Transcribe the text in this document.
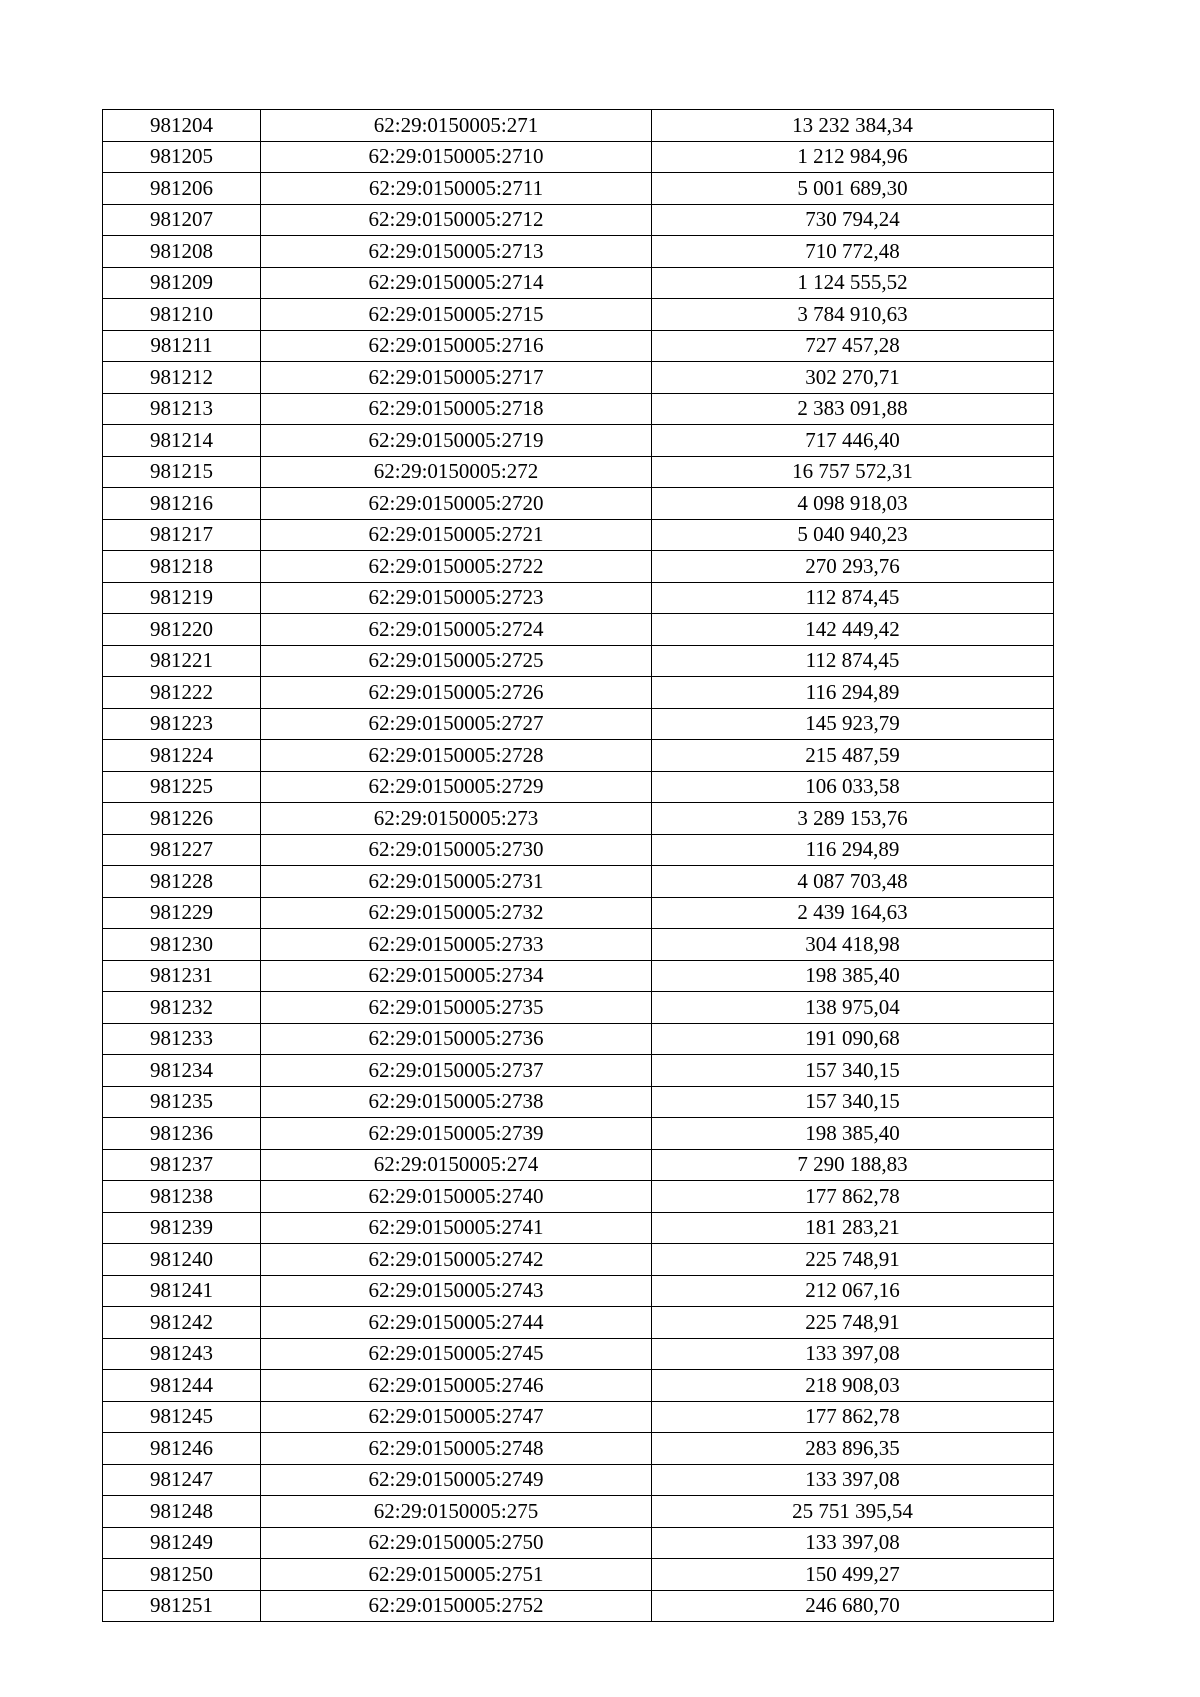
981204	62:29:0150005:271	13 232 384,34
981205	62:29:0150005:2710	1 212 984,96
981206	62:29:0150005:2711	5 001 689,30
981207	62:29:0150005:2712	730 794,24
981208	62:29:0150005:2713	710 772,48
981209	62:29:0150005:2714	1 124 555,52
981210	62:29:0150005:2715	3 784 910,63
981211	62:29:0150005:2716	727 457,28
981212	62:29:0150005:2717	302 270,71
981213	62:29:0150005:2718	2 383 091,88
981214	62:29:0150005:2719	717 446,40
981215	62:29:0150005:272	16 757 572,31
981216	62:29:0150005:2720	4 098 918,03
981217	62:29:0150005:2721	5 040 940,23
981218	62:29:0150005:2722	270 293,76
981219	62:29:0150005:2723	112 874,45
981220	62:29:0150005:2724	142 449,42
981221	62:29:0150005:2725	112 874,45
981222	62:29:0150005:2726	116 294,89
981223	62:29:0150005:2727	145 923,79
981224	62:29:0150005:2728	215 487,59
981225	62:29:0150005:2729	106 033,58
981226	62:29:0150005:273	3 289 153,76
981227	62:29:0150005:2730	116 294,89
981228	62:29:0150005:2731	4 087 703,48
981229	62:29:0150005:2732	2 439 164,63
981230	62:29:0150005:2733	304 418,98
981231	62:29:0150005:2734	198 385,40
981232	62:29:0150005:2735	138 975,04
981233	62:29:0150005:2736	191 090,68
981234	62:29:0150005:2737	157 340,15
981235	62:29:0150005:2738	157 340,15
981236	62:29:0150005:2739	198 385,40
981237	62:29:0150005:274	7 290 188,83
981238	62:29:0150005:2740	177 862,78
981239	62:29:0150005:2741	181 283,21
981240	62:29:0150005:2742	225 748,91
981241	62:29:0150005:2743	212 067,16
981242	62:29:0150005:2744	225 748,91
981243	62:29:0150005:2745	133 397,08
981244	62:29:0150005:2746	218 908,03
981245	62:29:0150005:2747	177 862,78
981246	62:29:0150005:2748	283 896,35
981247	62:29:0150005:2749	133 397,08
981248	62:29:0150005:275	25 751 395,54
981249	62:29:0150005:2750	133 397,08
981250	62:29:0150005:2751	150 499,27
981251	62:29:0150005:2752	246 680,70
